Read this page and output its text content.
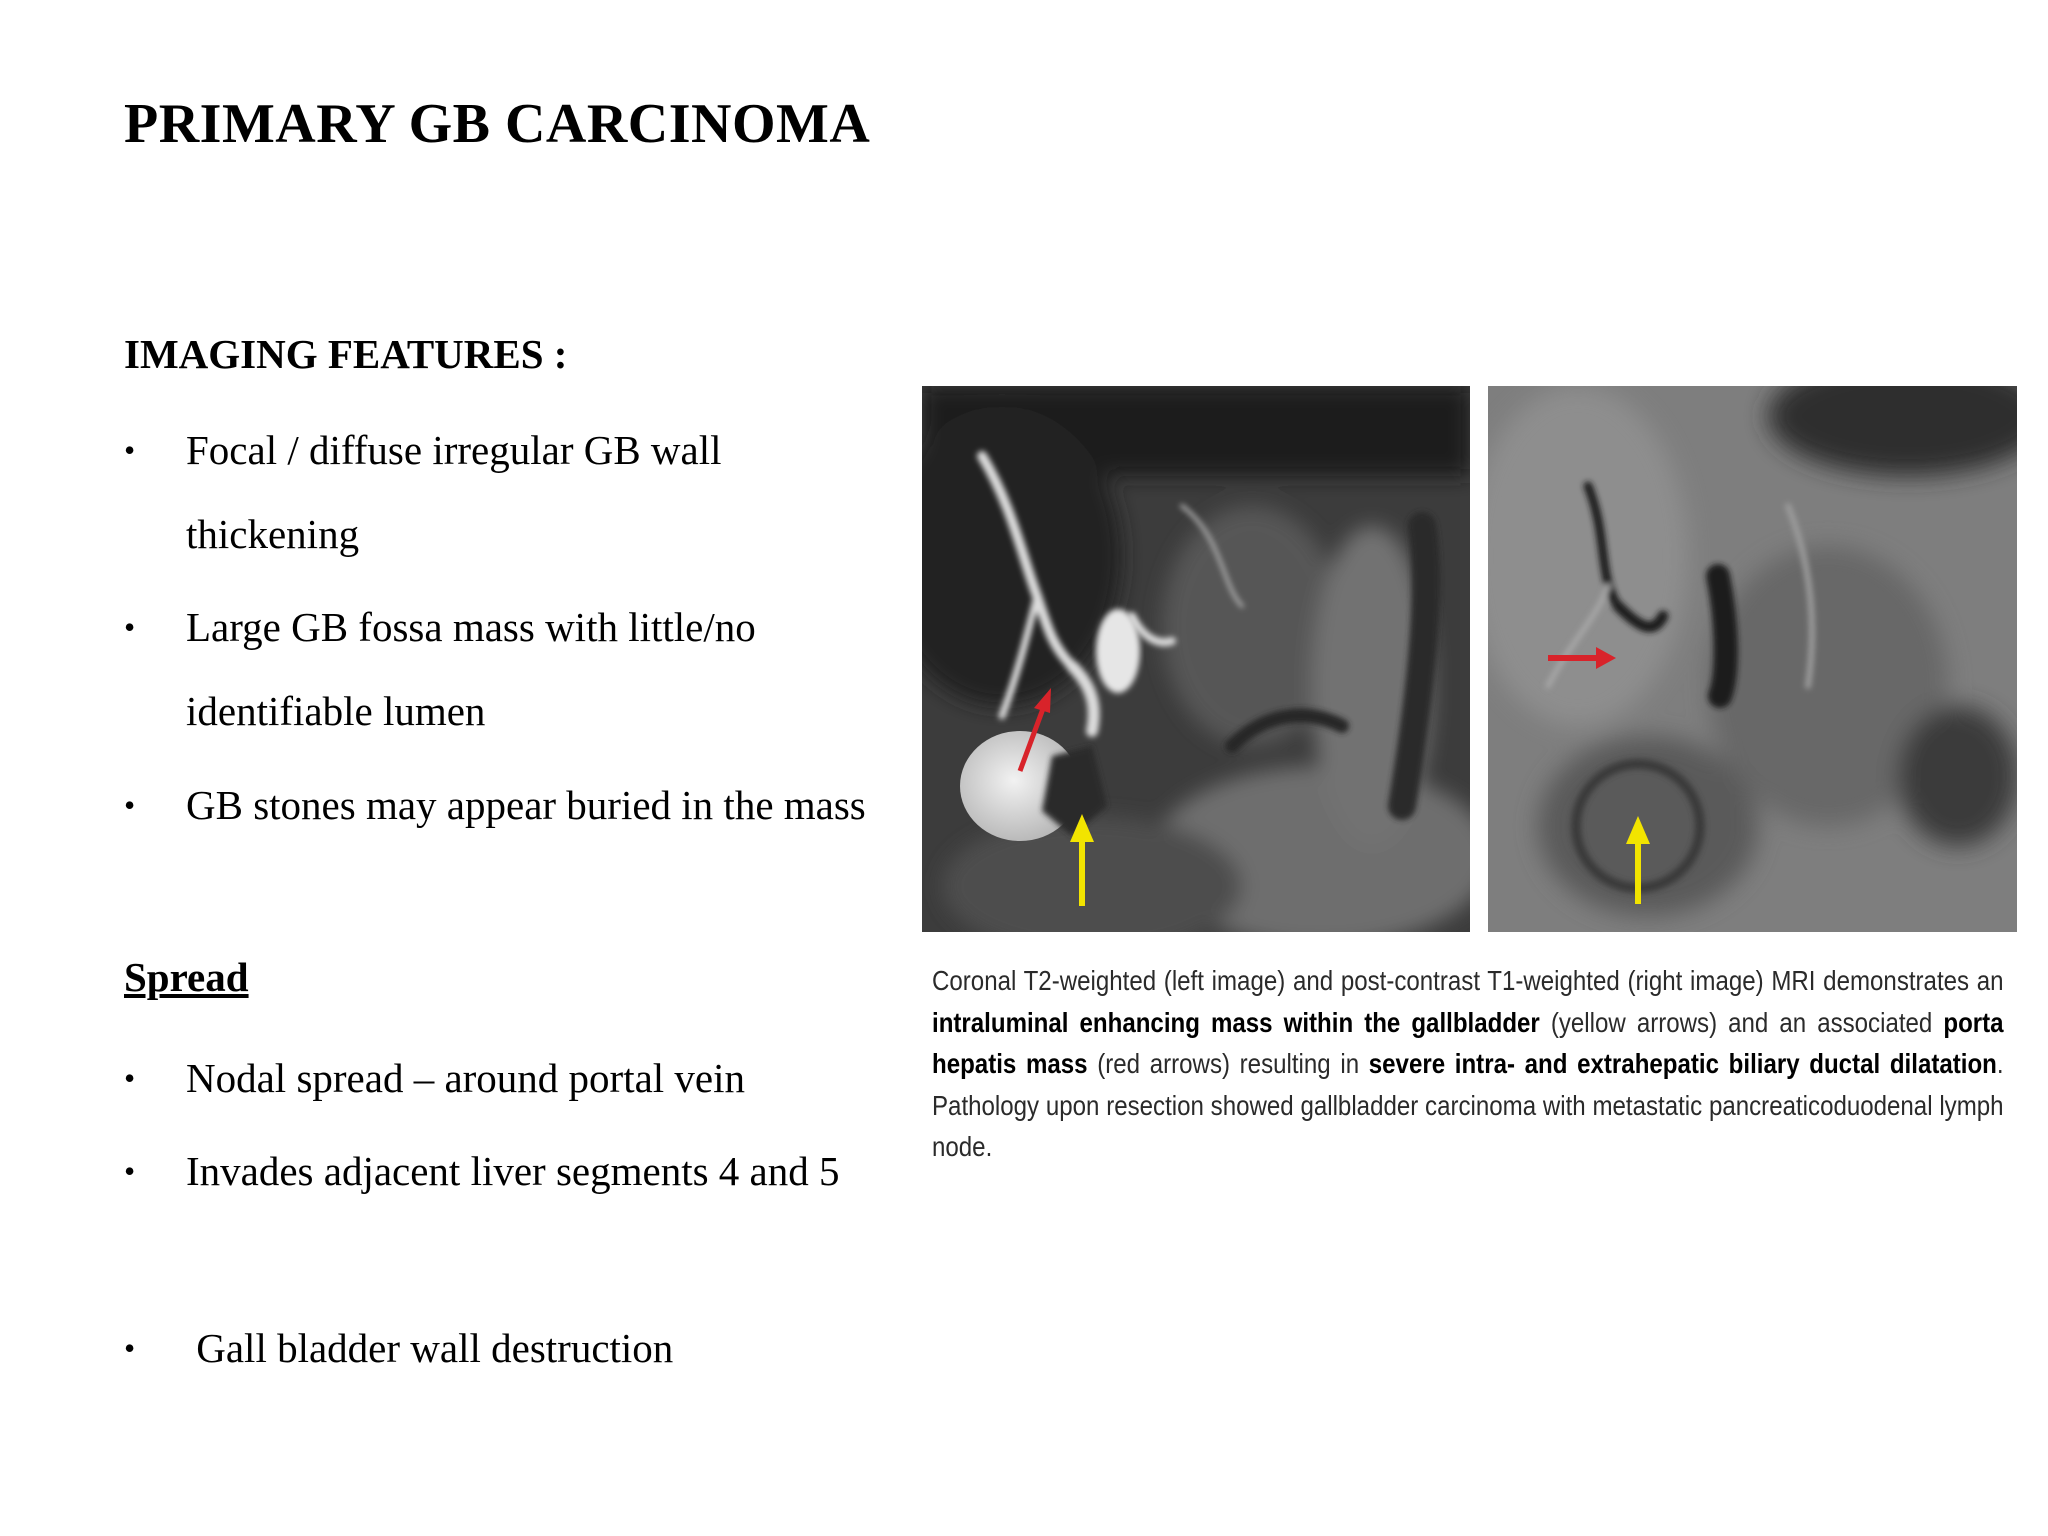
PRIMARY GB CARCINOMA
IMAGING FEATURES :
•	Focal / diffuse irregular GB wall thickening
•	Large GB fossa mass with little/no identifiable lumen
•	GB stones may appear buried in the mass
Spread
•	Nodal spread – around portal vein
•	Invades adjacent liver segments 4 and 5
•	Gall bladder wall destruction

Coronal T2-weighted (left image) and post-contrast T1-weighted (right image) MRI demonstrates an intraluminal enhancing mass within the gallbladder (yellow arrows) and an associated porta hepatis mass (red arrows) resulting in severe intra- and extrahepatic biliary ductal dilatation. Pathology upon resection showed gallbladder carcinoma with metastatic pancreaticoduodenal lymph node.
